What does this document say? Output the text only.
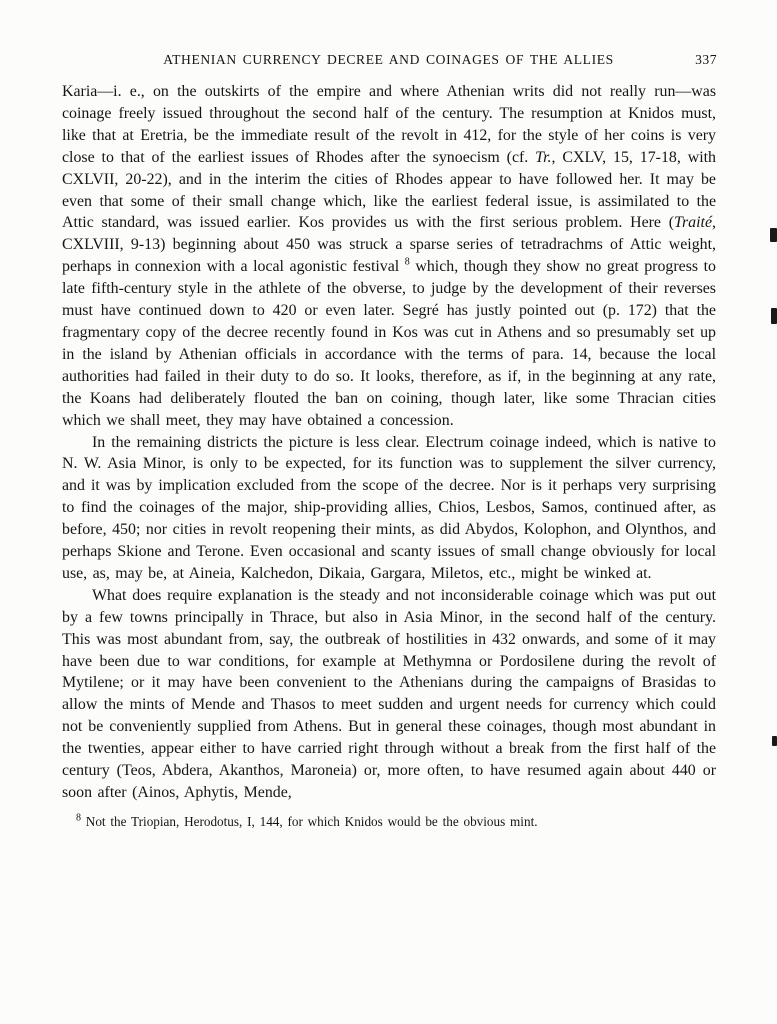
ATHENIAN CURRENCY DECREE AND COINAGES OF THE ALLIES	337

Karia—i. e., on the outskirts of the empire and where Athenian writs did not really run—was coinage freely issued throughout the second half of the century. The resumption at Knidos must, like that at Eretria, be the immediate result of the revolt in 412, for the style of her coins is very close to that of the earliest issues of Rhodes after the synoecism (cf. Tr., CXLV, 15, 17-18, with CXLVII, 20-22), and in the interim the cities of Rhodes appear to have followed her. It may be even that some of their small change which, like the earliest federal issue, is assimilated to the Attic standard, was issued earlier. Kos provides us with the first serious problem. Here (Traité, CXLVIII, 9-13) beginning about 450 was struck a sparse series of tetradrachms of Attic weight, perhaps in connexion with a local agonistic festival $^8$ which, though they show no great progress to late fifth-century style in the athlete of the obverse, to judge by the development of their reverses must have continued down to 420 or even later. Segré has justly pointed out (p. 172) that the fragmentary copy of the decree recently found in Kos was cut in Athens and so presumably set up in the island by Athenian officials in accordance with the terms of para. 14, because the local authorities had failed in their duty to do so. It looks, therefore, as if, in the beginning at any rate, the Koans had deliberately flouted the ban on coining, though later, like some Thracian cities which we shall meet, they may have obtained a concession.

In the remaining districts the picture is less clear. Electrum coinage indeed, which is native to N. W. Asia Minor, is only to be expected, for its function was to supplement the silver currency, and it was by implication excluded from the scope of the decree. Nor is it perhaps very surprising to find the coinages of the major, ship-providing allies, Chios, Lesbos, Samos, continued after, as before, 450; nor cities in revolt reopening their mints, as did Abydos, Kolophon, and Olynthos, and perhaps Skione and Terone. Even occasional and scanty issues of small change obviously for local use, as, may be, at Aineia, Kalchedon, Dikaia, Gargara, Miletos, etc., might be winked at.

What does require explanation is the steady and not inconsiderable coinage which was put out by a few towns principally in Thrace, but also in Asia Minor, in the second half of the century. This was most abundant from, say, the outbreak of hostilities in 432 onwards, and some of it may have been due to war conditions, for example at Methymna or Pordosilene during the revolt of Mytilene; or it may have been convenient to the Athenians during the campaigns of Brasidas to allow the mints of Mende and Thasos to meet sudden and urgent needs for currency which could not be conveniently supplied from Athens. But in general these coinages, though most abundant in the twenties, appear either to have carried right through without a break from the first half of the century (Teos, Abdera, Akanthos, Maroneia) or, more often, to have resumed again about 440 or soon after (Ainos, Aphytis, Mende,

$^8$ Not the Triopian, Herodotus, I, 144, for which Knidos would be the obvious mint.
